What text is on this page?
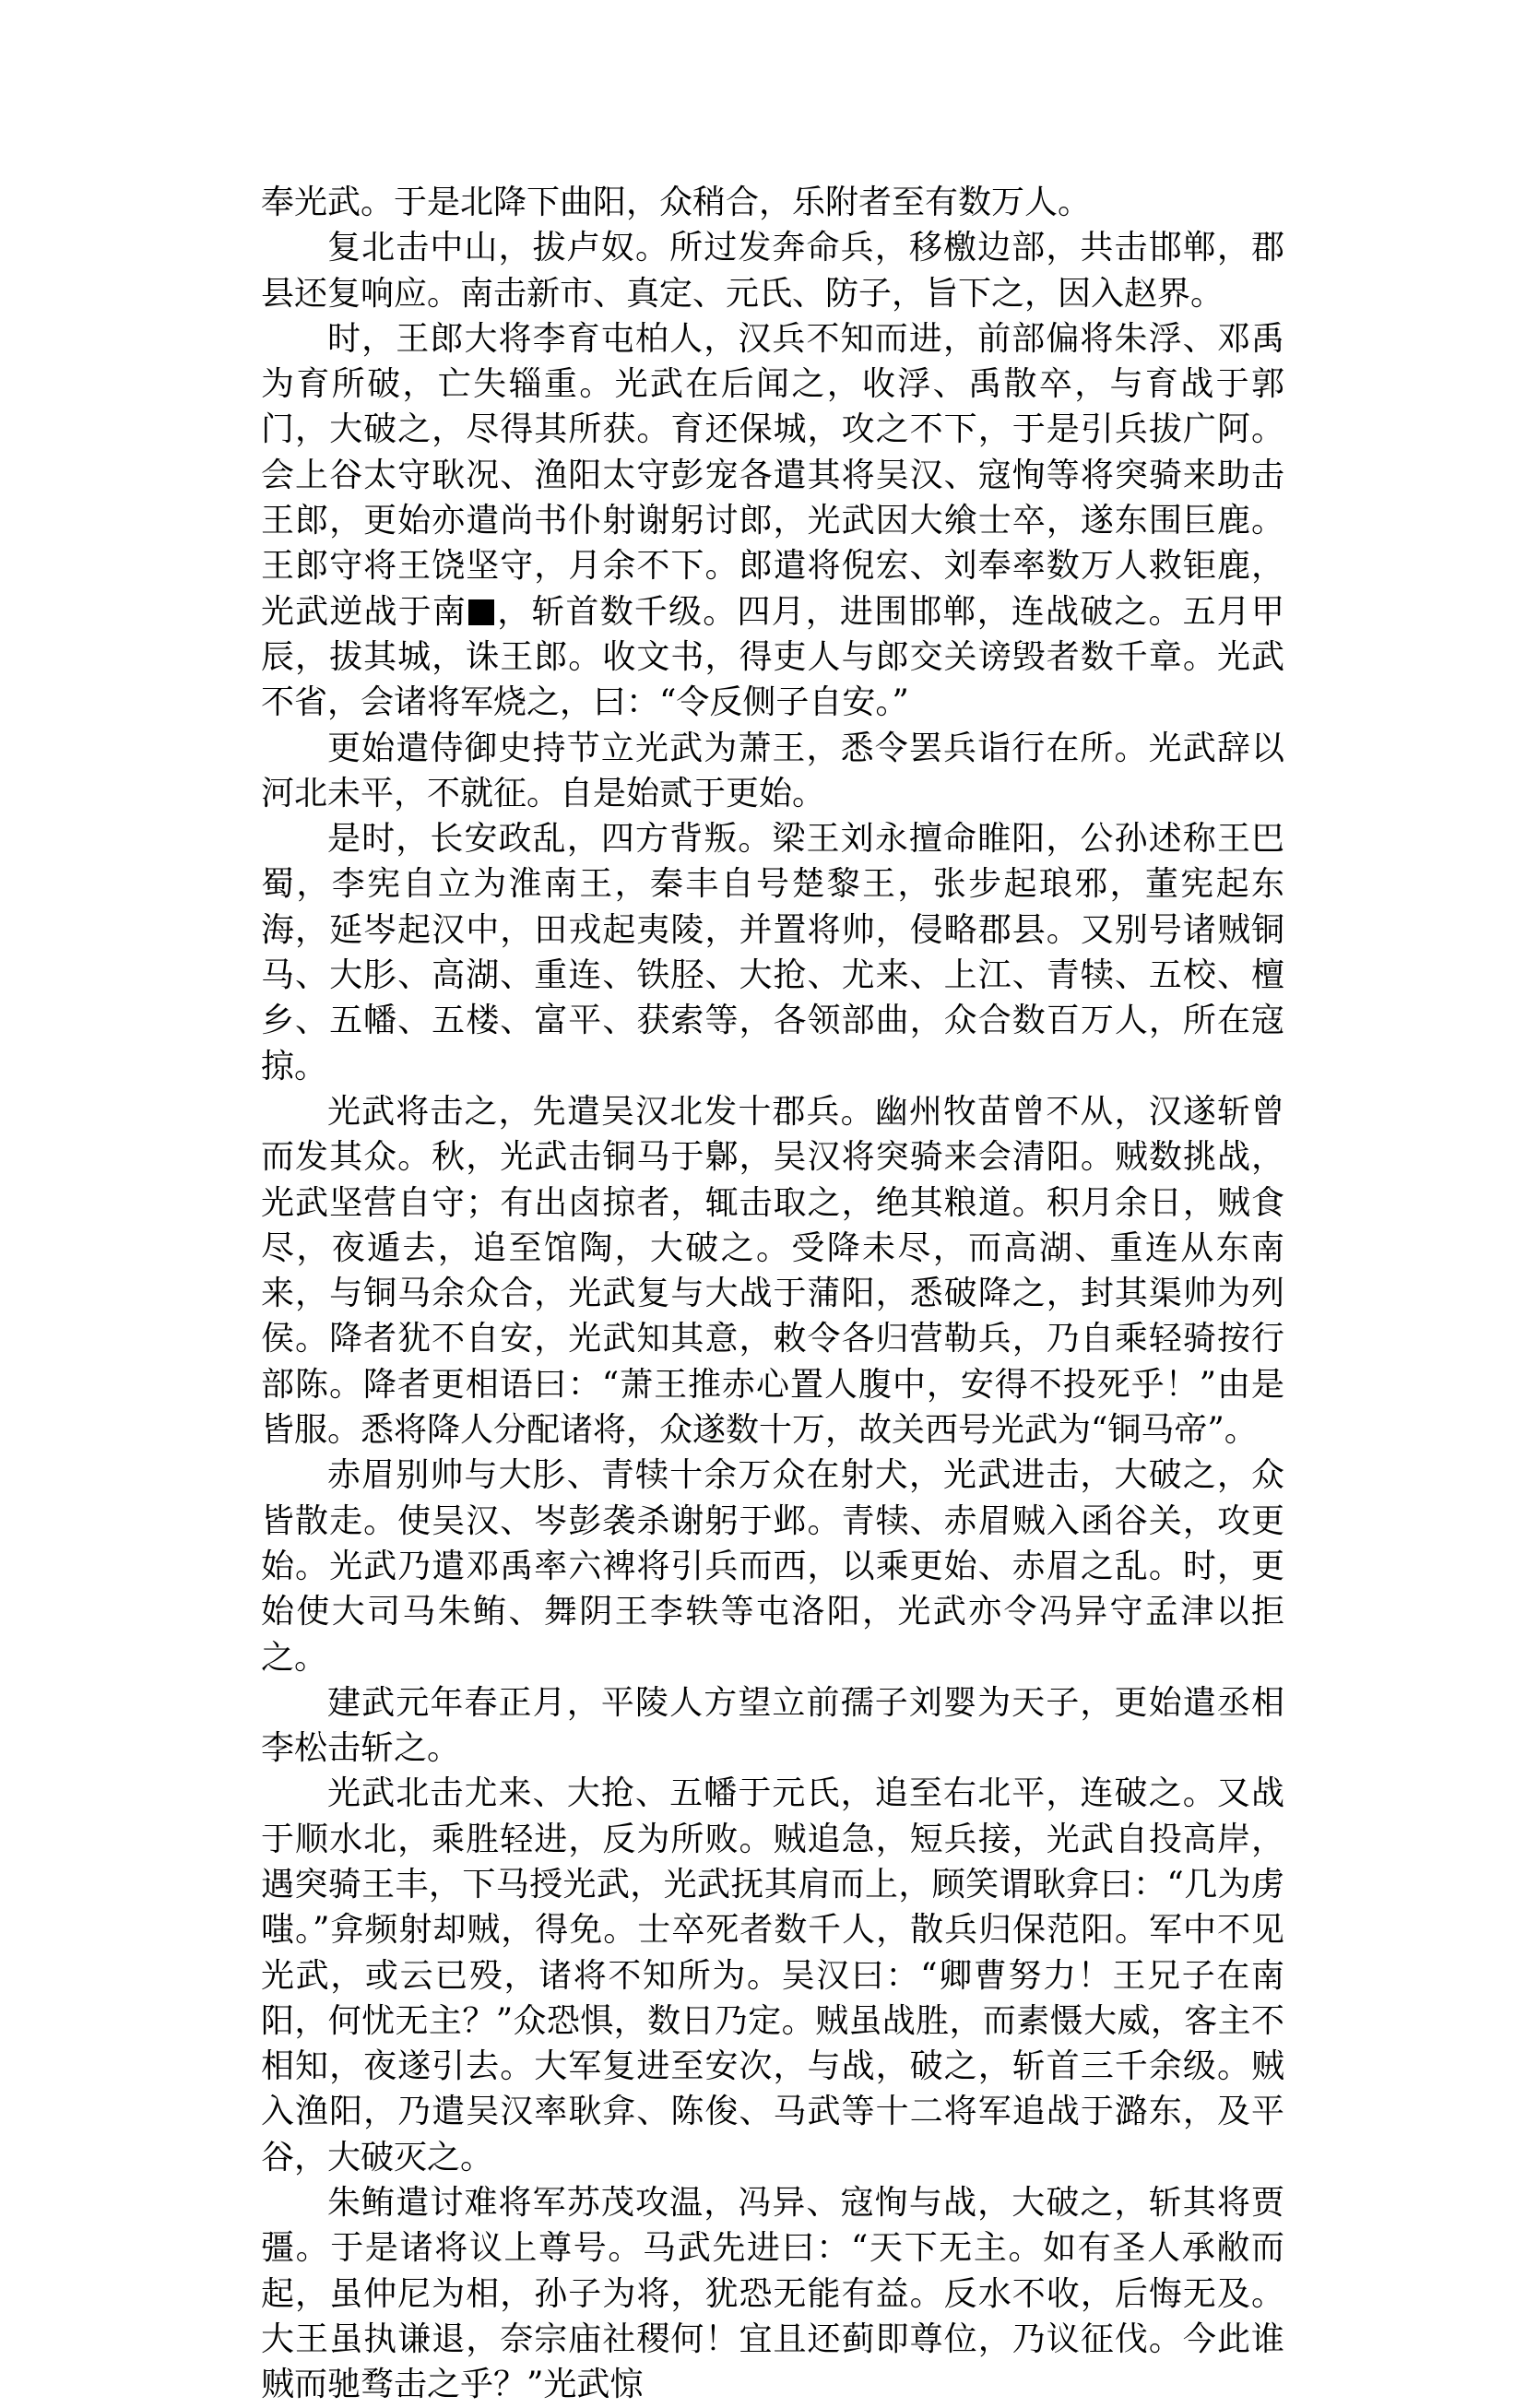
奉光武。于是北降下曲阳，众稍合，乐附者至有数万人。

复北击中山，拔卢奴。所过发奔命兵，移檄边部，共击邯郸，郡县还复响应。南击新市、真定、元氏、防子，旨下之，因入赵界。

时，王郎大将李育屯柏人，汉兵不知而进，前部偏将朱浮、邓禹为育所破，亡失辎重。光武在后闻之，收浮、禹散卒，与育战于郭门，大破之，尽得其所获。育还保城，攻之不下，于是引兵拔广阿。会上谷太守耿况、渔阳太守彭宠各遣其将吴汉、寇恂等将突骑来助击王郎，更始亦遣尚书仆射谢躬讨郎，光武因大飨士卒，遂东围巨鹿。王郎守将王饶坚守，月余不下。郎遣将倪宏、刘奉率数万人救钜鹿，光武逆战于南 ，斩首数千级。四月，进围邯郸，连战破之。五月甲辰，拔其城，诛王郎。收文书，得吏人与郎交关谤毁者数千章。光武不省，会诸将军烧之，曰：“令反侧子自安。”

更始遣侍御史持节立光武为萧王，悉令罢兵诣行在所。光武辞以河北未平，不就征。自是始贰于更始。

是时，长安政乱，四方背叛。梁王刘永擅命睢阳，公孙述称王巴蜀，李宪自立为淮南王，秦丰自号楚黎王，张步起琅邪，董宪起东海，延岑起汉中，田戎起夷陵，并置将帅，侵略郡县。又别号诸贼铜马、大肜、高湖、重连、铁胫、大抢、尤来、上江、青犊、五校、檀乡、五幡、五楼、富平、获索等，各领部曲，众合数百万人，所在寇掠。

光武将击之，先遣吴汉北发十郡兵。幽州牧苗曾不从，汉遂斩曾而发其众。秋，光武击铜马于鄡，吴汉将突骑来会清阳。贼数挑战，光武坚营自守；有出卤掠者，辄击取之，绝其粮道。积月余日，贼食尽，夜遁去，追至馆陶，大破之。受降未尽，而高湖、重连从东南来，与铜马余众合，光武复与大战于蒲阳，悉破降之，封其渠帅为列侯。降者犹不自安，光武知其意，敕令各归营勒兵，乃自乘轻骑按行部陈。降者更相语曰：“萧王推赤心置人腹中，安得不投死乎！”由是皆服。悉将降人分配诸将，众遂数十万，故关西号光武为“铜马帝”。

赤眉别帅与大肜、青犊十余万众在射犬，光武进击，大破之，众皆散走。使吴汉、岑彭袭杀谢躬于邺。青犊、赤眉贼入函谷关，攻更始。光武乃遣邓禹率六裨将引兵而西，以乘更始、赤眉之乱。时，更始使大司马朱鲔、舞阴王李轶等屯洛阳，光武亦令冯异守孟津以拒之。

建武元年春正月，平陵人方望立前孺子刘婴为天子，更始遣丞相李松击斩之。

光武北击尤来、大抢、五幡于元氏，追至右北平，连破之。又战于顺水北，乘胜轻进，反为所败。贼追急，短兵接，光武自投高岸，遇突骑王丰，下马授光武，光武抚其肩而上，顾笑谓耿弇曰：“几为虏嗤。”弇频射却贼，得免。士卒死者数千人，散兵归保范阳。军中不见光武，或云已殁，诸将不知所为。吴汉曰：“卿曹努力！王兄子在南阳，何忧无主？”众恐惧，数日乃定。贼虽战胜，而素慑大威，客主不相知，夜遂引去。大军复进至安次，与战，破之，斩首三千余级。贼入渔阳，乃遣吴汉率耿弇、陈俊、马武等十二将军追战于潞东，及平谷，大破灭之。

朱鲔遣讨难将军苏茂攻温，冯异、寇恂与战，大破之，斩其将贾彊。于是诸将议上尊号。马武先进曰：“天下无主。如有圣人承敝而起，虽仲尼为相，孙子为将，犹恐无能有益。反水不收，后悔无及。大王虽执谦退，奈宗庙社稷何！宜且还蓟即尊位，乃议征伐。今此谁贼而驰骛击之乎？”光武惊
